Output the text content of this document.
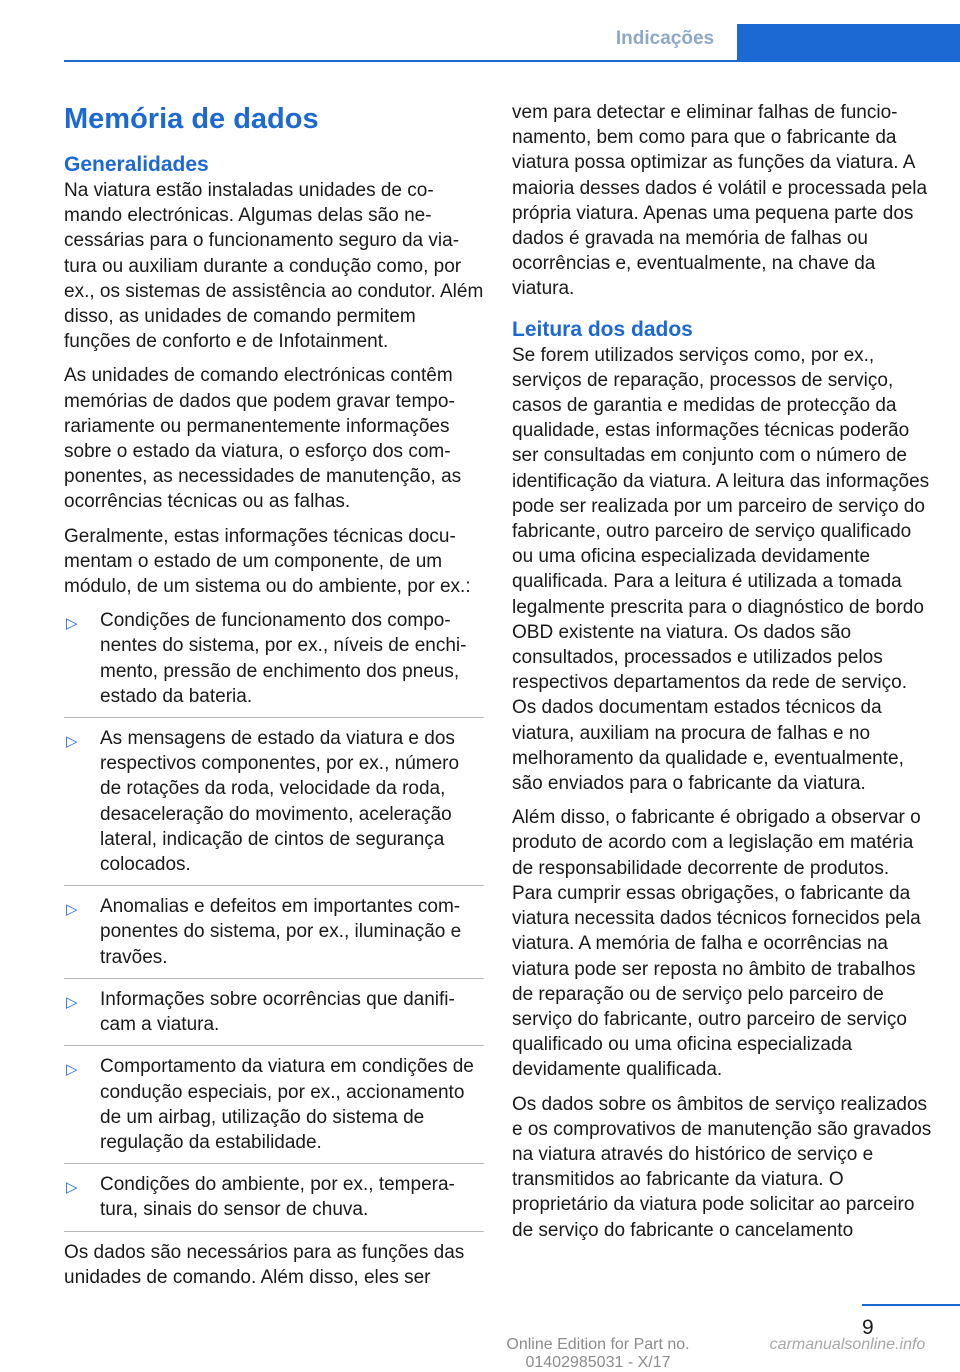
Indicações
Memória de dados
Generalidades

Na viatura estão instaladas unidades de comando electrónicas. Algumas delas são necessárias para o funcionamento seguro da viatura ou auxiliam durante a condução como, por ex., os sistemas de assistência ao condutor. Além disso, as unidades de comando permitem funções de conforto e de Infotainment.

As unidades de comando electrónicas contêm memórias de dados que podem gravar temporariamente ou permanentemente informações sobre o estado da viatura, o esforço dos componentes, as necessidades de manutenção, as ocorrências técnicas ou as falhas.

Geralmente, estas informações técnicas documentam o estado de um componente, de um módulo, de um sistema ou do ambiente, por ex.:

▷ Condições de funcionamento dos componentes do sistema, por ex., níveis de enchimento, pressão de enchimento dos pneus, estado da bateria.
▷ As mensagens de estado da viatura e dos respectivos componentes, por ex., número de rotações da roda, velocidade da roda, desaceleração do movimento, aceleração lateral, indicação de cintos de segurança colocados.
▷ Anomalias e defeitos em importantes componentes do sistema, por ex., iluminação e travões.
▷ Informações sobre ocorrências que danificam a viatura.
▷ Comportamento da viatura em condições de condução especiais, por ex., accionamento de um airbag, utilização do sistema de regulação da estabilidade.
▷ Condições do ambiente, por ex., temperatura, sinais do sensor de chuva.

Os dados são necessários para as funções das unidades de comando. Além disso, eles ser

vem para detectar e eliminar falhas de funcionamento, bem como para que o fabricante da viatura possa optimizar as funções da viatura. A maioria desses dados é volátil e processada pela própria viatura. Apenas uma pequena parte dos dados é gravada na memória de falhas ou ocorrências e, eventualmente, na chave da viatura.

Leitura dos dados

Se forem utilizados serviços como, por ex., serviços de reparação, processos de serviço, casos de garantia e medidas de protecção da qualidade, estas informações técnicas poderão ser consultadas em conjunto com o número de identificação da viatura. A leitura das informações pode ser realizada por um parceiro de serviço do fabricante, outro parceiro de serviço qualificado ou uma oficina especializada devidamente qualificada. Para a leitura é utilizada a tomada legalmente prescrita para o diagnóstico de bordo OBD existente na viatura. Os dados são consultados, processados e utilizados pelos respectivos departamentos da rede de serviço. Os dados documentam estados técnicos da viatura, auxiliam na procura de falhas e no melhoramento da qualidade e, eventualmente, são enviados para o fabricante da viatura.

Além disso, o fabricante é obrigado a observar o produto de acordo com a legislação em matéria de responsabilidade decorrente de produtos. Para cumprir essas obrigações, o fabricante da viatura necessita dados técnicos fornecidos pela viatura. A memória de falha e ocorrências na viatura pode ser reposta no âmbito de trabalhos de reparação ou de serviço pelo parceiro de serviço do fabricante, outro parceiro de serviço qualificado ou uma oficina especializada devidamente qualificada.

Os dados sobre os âmbitos de serviço realizados e os comprovativos de manutenção são gravados na viatura através do histórico de serviço e transmitidos ao fabricante da viatura. O proprietário da viatura pode solicitar ao parceiro de serviço do fabricante o cancelamento

9
Online Edition for Part no. 01402985031 - X/17
carmanualsonline.info
